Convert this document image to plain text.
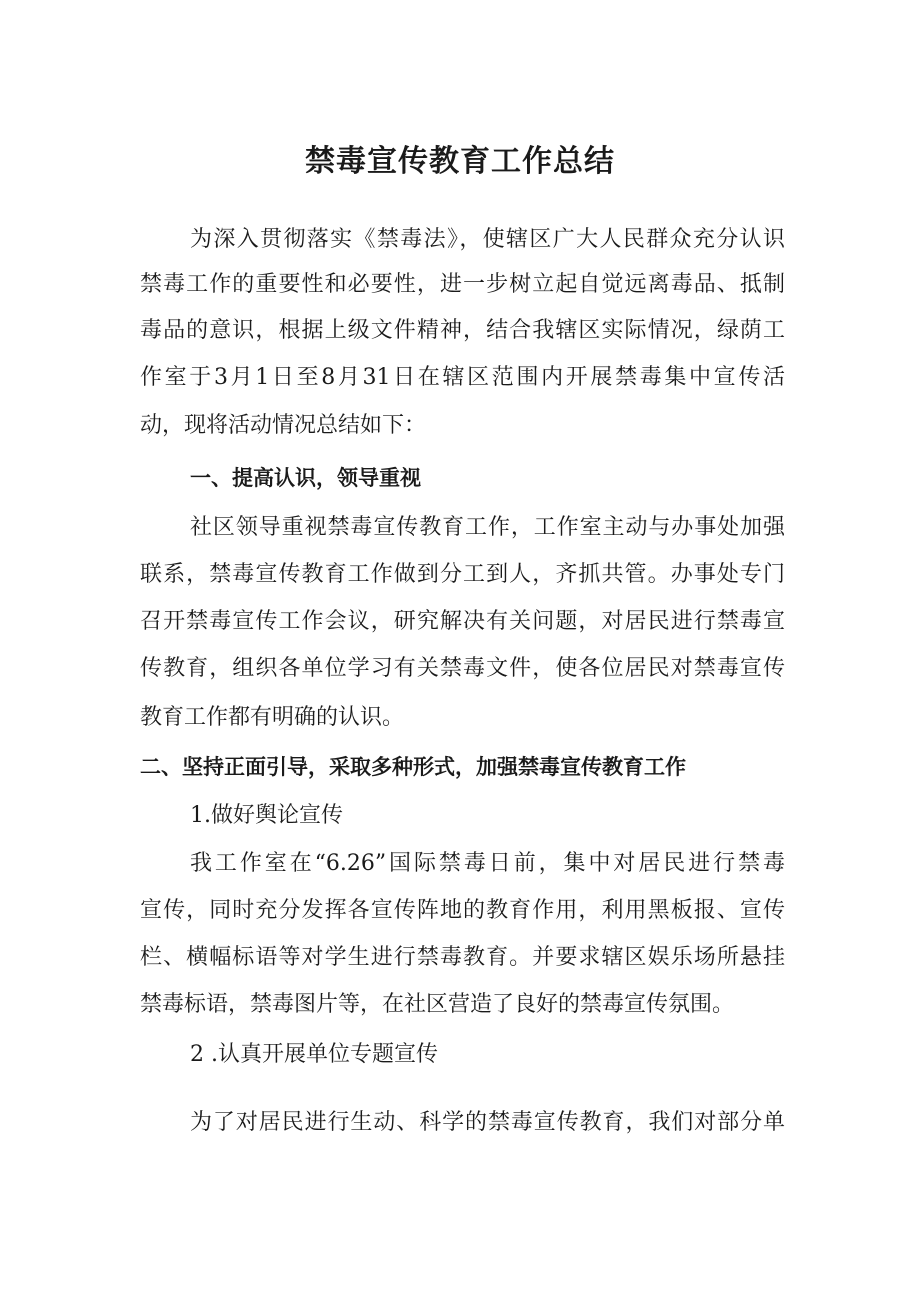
禁毒宣传教育工作总结
为深入贯彻落实《禁毒法》，使辖区广大人民群众充分认识
禁毒工作的重要性和必要性，进一步树立起自觉远离毒品、抵制
毒品的意识，根据上级文件精神，结合我辖区实际情况，绿荫工
作室于3月1日至8月31日在辖区范围内开展禁毒集中宣传活
动，现将活动情况总结如下：
一、提高认识，领导重视
社区领导重视禁毒宣传教育工作，工作室主动与办事处加强
联系，禁毒宣传教育工作做到分工到人，齐抓共管。办事处专门
召开禁毒宣传工作会议，研究解决有关问题，对居民进行禁毒宣
传教育，组织各单位学习有关禁毒文件，使各位居民对禁毒宣传
教育工作都有明确的认识。
二、坚持正面引导，采取多种形式，加强禁毒宣传教育工作
1.做好舆论宣传
我工作室在“6.26”国际禁毒日前，集中对居民进行禁毒
宣传，同时充分发挥各宣传阵地的教育作用，利用黑板报、宣传
栏、横幅标语等对学生进行禁毒教育。并要求辖区娱乐场所悬挂
禁毒标语，禁毒图片等，在社区营造了良好的禁毒宣传氛围。
2 .认真开展单位专题宣传
为了对居民进行生动、科学的禁毒宣传教育，我们对部分单
